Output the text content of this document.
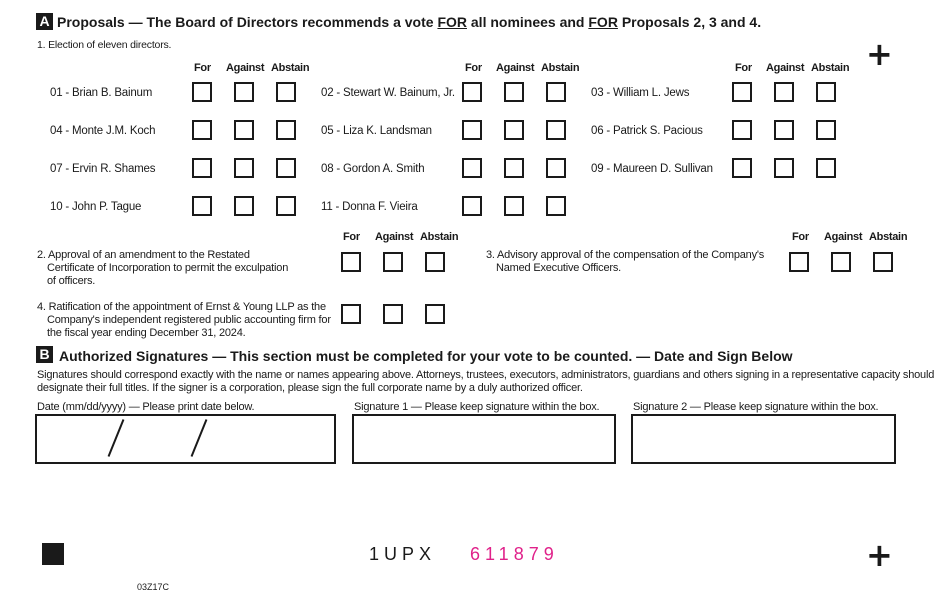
A Proposals — The Board of Directors recommends a vote FOR all nominees and FOR Proposals 2, 3 and 4.
1. Election of eleven directors.	+
For Against Abstain	For Against Abstain	For Against Abstain
01 - Brian B. Bainum	02 - Stewart W. Bainum, Jr.	03 - William L. Jews
04 - Monte J.M. Koch	05 - Liza K. Landsman	06 - Patrick S. Pacious
07 - Ervin R. Shames	08 - Gordon A. Smith	09 - Maureen D. Sullivan
10 - John P. Tague	11 - Donna F. Vieira
For Against Abstain	For Against Abstain
2. Approval of an amendment to the Restated
Certificate of Incorporation to permit the exculpation
of officers.
3. Advisory approval of the compensation of the Company's
Named Executive Officers.
4. Ratification of the appointment of Ernst & Young LLP as the
Company's independent registered public accounting firm for
the fiscal year ending December 31, 2024.
B Authorized Signatures — This section must be completed for your vote to be counted. — Date and Sign Below
Signatures should correspond exactly with the name or names appearing above. Attorneys, trustees, executors, administrators, guardians and others signing in a representative capacity should
designate their full titles. If the signer is a corporation, please sign the full corporate name by a duly authorized officer.
Date (mm/dd/yyyy) — Please print date below.	Signature 1 — Please keep signature within the box.	Signature 2 — Please keep signature within the box.
1UPX 611879	+
03Z17C
